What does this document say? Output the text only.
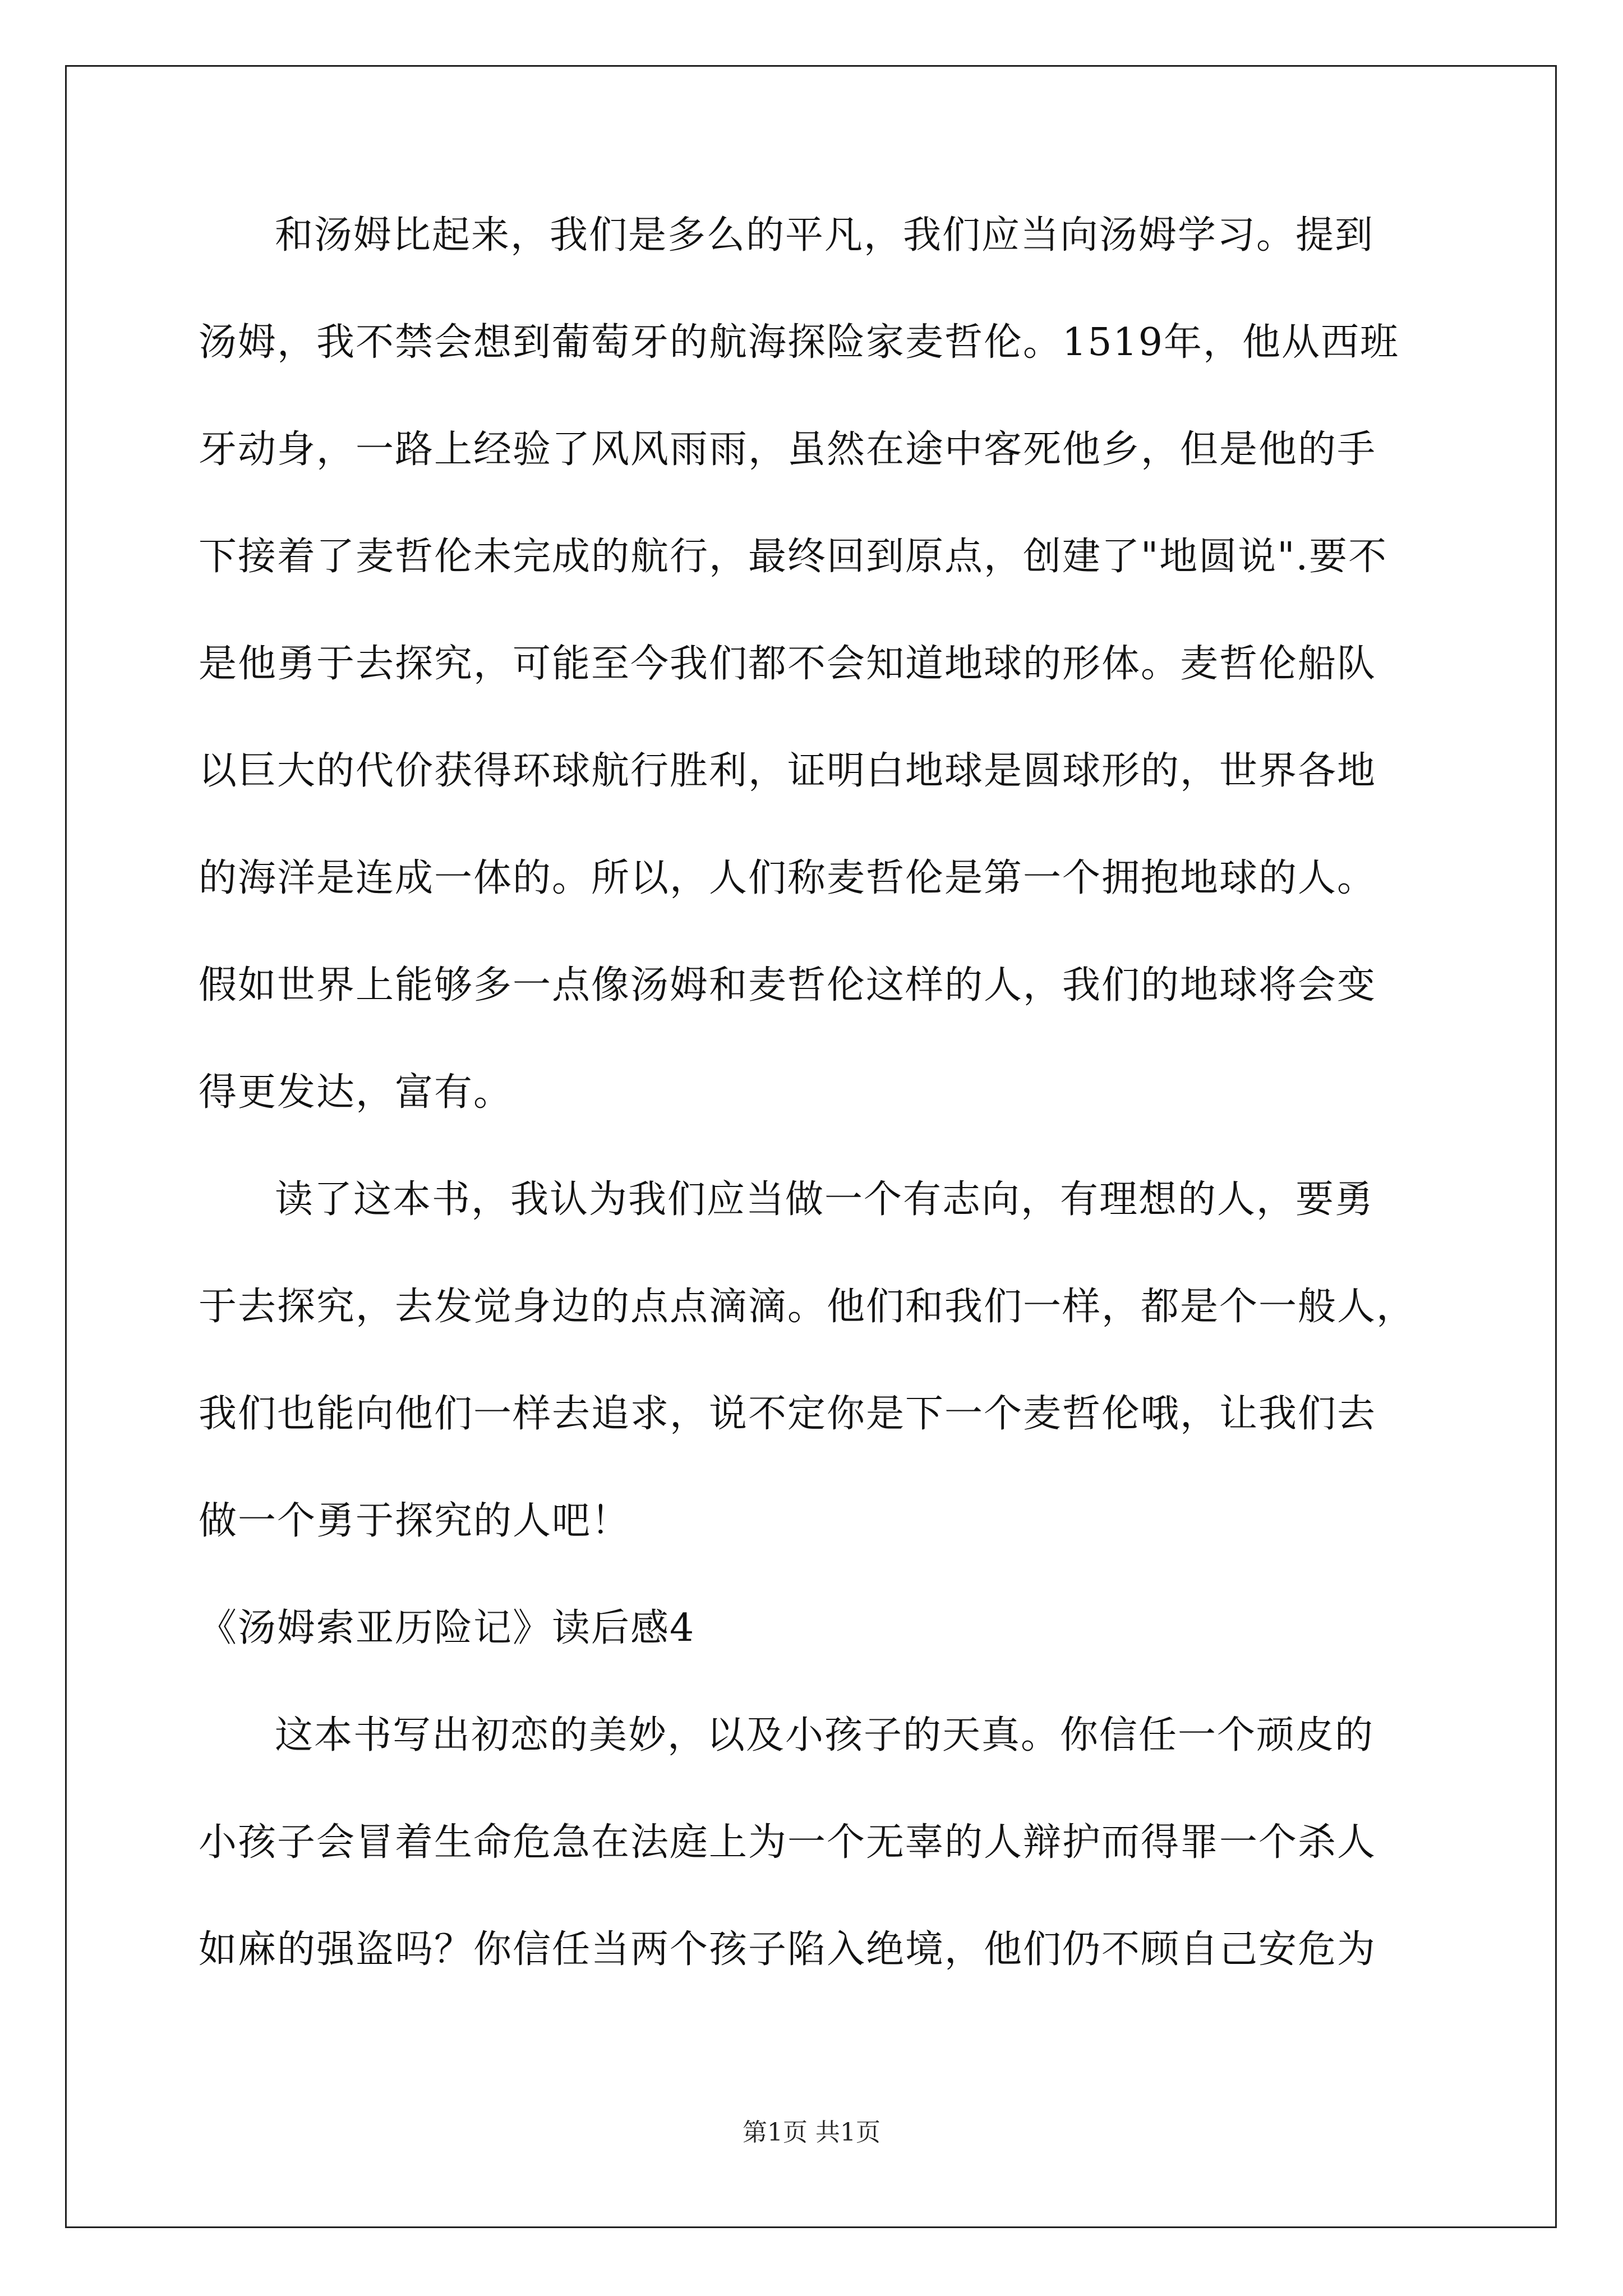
和汤姆比起来，我们是多么的平凡，我们应当向汤姆学习。提到
汤姆，我不禁会想到葡萄牙的航海探险家麦哲伦。1519年，他从西班
牙动身，一路上经验了风风雨雨，虽然在途中客死他乡，但是他的手
下接着了麦哲伦未完成的航行，最终回到原点，创建了"地圆说".要不
是他勇于去探究，可能至今我们都不会知道地球的形体。麦哲伦船队
以巨大的代价获得环球航行胜利，证明白地球是圆球形的，世界各地
的海洋是连成一体的。所以，人们称麦哲伦是第一个拥抱地球的人。
假如世界上能够多一点像汤姆和麦哲伦这样的人，我们的地球将会变
得更发达，富有。
读了这本书，我认为我们应当做一个有志向，有理想的人，要勇
于去探究，去发觉身边的点点滴滴。他们和我们一样，都是个一般人，
我们也能向他们一样去追求，说不定你是下一个麦哲伦哦，让我们去
做一个勇于探究的人吧！
《汤姆索亚历险记》读后感4
这本书写出初恋的美妙，以及小孩子的天真。你信任一个顽皮的
小孩子会冒着生命危急在法庭上为一个无辜的人辩护而得罪一个杀人
如麻的强盗吗？你信任当两个孩子陷入绝境，他们仍不顾自己安危为
第1页 共1页
